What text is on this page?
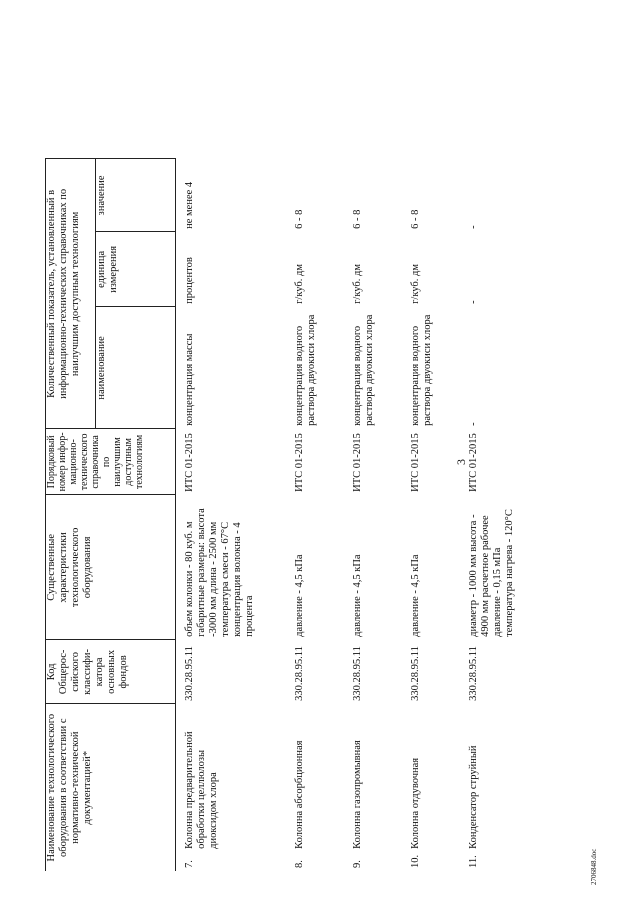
3
Наименование технологического оборудования в соответствии с нормативно-технической документацией*		Код Общерос-сийского классифи-катора основных фондов	Существенные характеристики технологического оборудования	Порядковый номер инфор-мационно-технического справочника по наилучшим доступным технологиям	Количественный показатель, установленный в информационно-технических справочниках по наилучшим доступным технологиям		
					наименование	единица измерения	значение
7.	Колонна предварительной обработки целлюлозы диоксидом хлора	330.28.95.11	объем колонки - 80 куб. м габаритные размеры: высота -3000 мм длина - 2500 мм температура смеси - 67°С концентрация волокна - 4 процента	ИТС 01-2015	концентрация массы	процентов	не менее 4
8.	Колонна абсорбционная	330.28.95.11	давление - 4,5 кПа	ИТС 01-2015	концентрация водного раствора двуокиси хлора	г/куб. дм	6 - 8
9.	Колонна газопромывная	330.28.95.11	давление - 4,5 кПа	ИТС 01-2015	концентрация водного раствора двуокиси хлора	г/куб. дм	6 - 8
10.	Колонна отдувочная	330.28.95.11	давление - 4,5 кПа	ИТС 01-2015	концентрация водного раствора двуокиси хлора	г/куб. дм	6 - 8
11.	Конденсатор струйный	330.28.95.11	диаметр - 1000 мм высота - 4900 мм расчетное рабочее давление - 0,15 мПа температура нагрева - 120°С	ИТС 01-2015	-	-	-
2706848.doc
